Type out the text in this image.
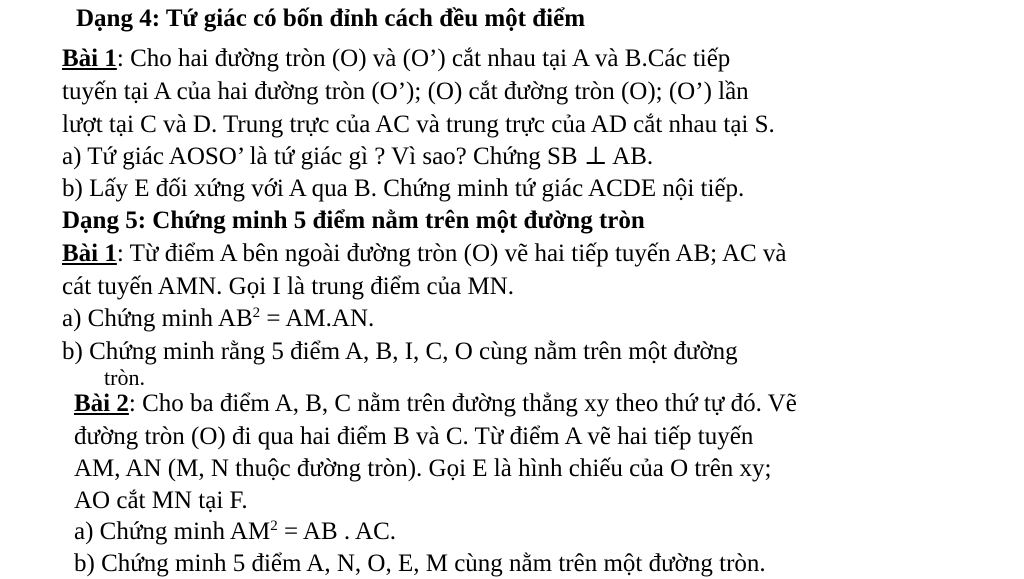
Dạng 4: Tứ giác có bốn đỉnh cách đều một điểm
Bài 1: Cho hai đường tròn (O) và (O’) cắt nhau tại A và B.Các tiếp
tuyến tại A của hai đường tròn (O’); (O) cắt đường tròn (O); (O’) lần
lượt tại C và D. Trung trực của AC và trung trực của AD cắt nhau tại S.
a) Tứ giác AOSO’ là tứ giác gì ? Vì sao? Chứng SB ⊥ AB.
b) Lấy E đối xứng với A qua B. Chứng minh tứ giác ACDE nội tiếp.
Dạng 5: Chứng minh 5 điểm nằm trên một đường tròn
Bài 1: Từ điểm A bên ngoài đường tròn (O) vẽ hai tiếp tuyến AB; AC và
cát tuyến AMN. Gọi I là trung điểm của MN.
a) Chứng minh $AB^2 = AM.AN$.
b) Chứng minh rằng 5 điểm A, B, I, C, O cùng nằm trên một đường
tròn.
Bài 2: Cho ba điểm A, B, C nằm trên đường thẳng xy theo thứ tự đó. Vẽ
đường tròn (O) đi qua hai điểm B và C. Từ điểm A vẽ hai tiếp tuyến
AM, AN (M, N thuộc đường tròn). Gọi E là hình chiếu của O trên xy;
AO cắt MN tại F.
a) Chứng minh $AM^2$ = AB . AC.
b) Chứng minh 5 điểm A, N, O, E, M cùng nằm trên một đường tròn.
